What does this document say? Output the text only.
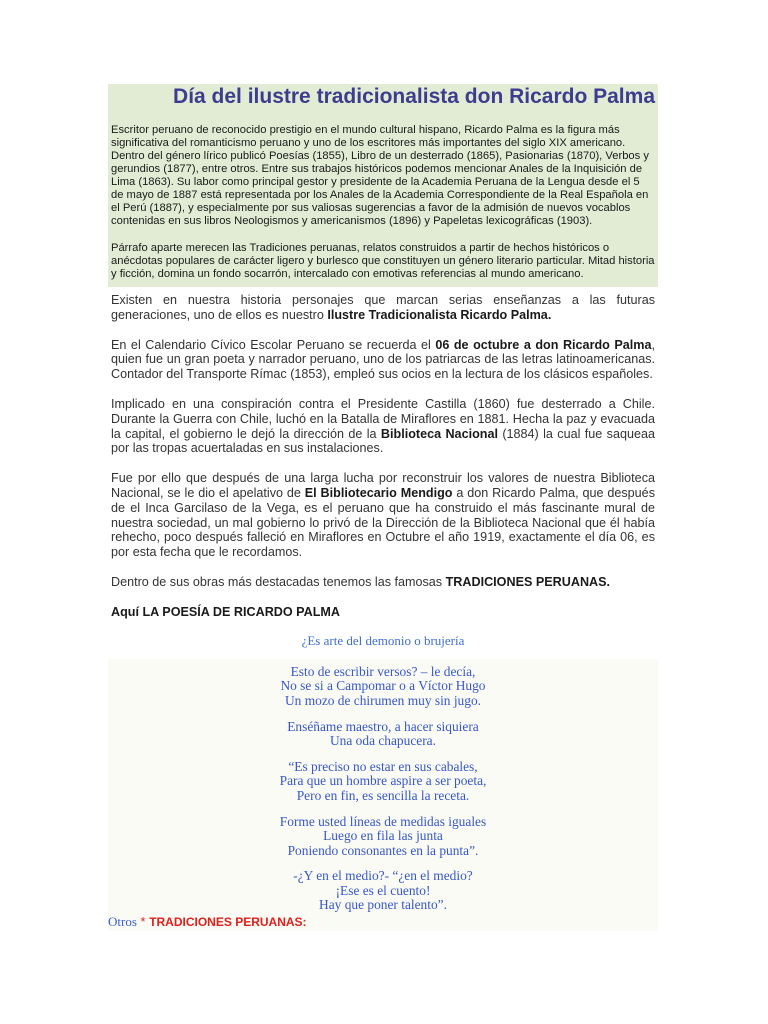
Día del ilustre tradicionalista don Ricardo Palma

Escritor peruano de reconocido prestigio en el mundo cultural hispano, Ricardo Palma es la figura más significativa del romanticismo peruano y uno de los escritores más importantes del siglo XIX americano. Dentro del género lírico publicó Poesías (1855), Libro de un desterrado (1865), Pasionarias (1870), Verbos y gerundios (1877), entre otros. Entre sus trabajos históricos podemos mencionar Anales de la Inquisición de Lima (1863). Su labor como principal gestor y presidente de la Academia Peruana de la Lengua desde el 5 de mayo de 1887 está representada por los Anales de la Academia Correspondiente de la Real Española en el Perú (1887), y especialmente por sus valiosas sugerencias a favor de la admisión de nuevos vocablos contenidas en sus libros Neologismos y americanismos (1896) y Papeletas lexicográficas (1903).

Párrafo aparte merecen las Tradiciones peruanas, relatos construidos a partir de hechos históricos o anécdotas populares de carácter ligero y burlesco que constituyen un género literario particular. Mitad historia y ficción, domina un fondo socarrón, intercalado con emotivas referencias al mundo americano.

Existen en nuestra historia personajes que marcan serias enseñanzas a las futuras generaciones, uno de ellos es nuestro Ilustre Tradicionalista Ricardo Palma.

En el Calendario Cívico Escolar Peruano se recuerda el 06 de octubre a don Ricardo Palma, quien fue un gran poeta y narrador peruano, uno de los patriarcas de las letras latinoamericanas. Contador del Transporte Rímac (1853), empleó sus ocios en la lectura de los clásicos españoles.

Implicado en una conspiración contra el Presidente Castilla (1860) fue desterrado a Chile. Durante la Guerra con Chile, luchó en la Batalla de Miraflores en 1881. Hecha la paz y evacuada la capital, el gobierno le dejó la dirección de la Biblioteca Nacional (1884) la cual fue saqueaa por las tropas acuertaladas en sus instalaciones.

Fue por ello que después de una larga lucha por reconstruir los valores de nuestra Biblioteca Nacional, se le dio el apelativo de El Bibliotecario Mendigo a don Ricardo Palma, que después de el Inca Garcilaso de la Vega, es el peruano que ha construido el más fascinante mural de nuestra sociedad, un mal gobierno lo privó de la Dirección de la Biblioteca Nacional que él había rehecho, poco después falleció en Miraflores en Octubre el año 1919, exactamente el día 06, es por esta fecha que le recordamos.

Dentro de sus obras más destacadas tenemos las famosas TRADICIONES PERUANAS.

Aquí LA POESÍA DE RICARDO PALMA
¿Es arte del demonio o brujería
Esto de escribir versos? – le decía,
No se si a Campomar o a Víctor Hugo
Un mozo de chirumen muy sin jugo.
Enséñame maestro, a hacer siquiera
Una oda chapucera.
“Es preciso no estar en sus cabales,
Para que un hombre aspire a ser poeta,
Pero en fin, es sencilla la receta.
Forme usted líneas de medidas iguales
Luego en fila las junta
Poniendo consonantes en la punta”.
-¿Y en el medio?- “¿en el medio?
¡Ese es el cuento!
Hay que poner talento”.

Otros * TRADICIONES PERUANAS:
